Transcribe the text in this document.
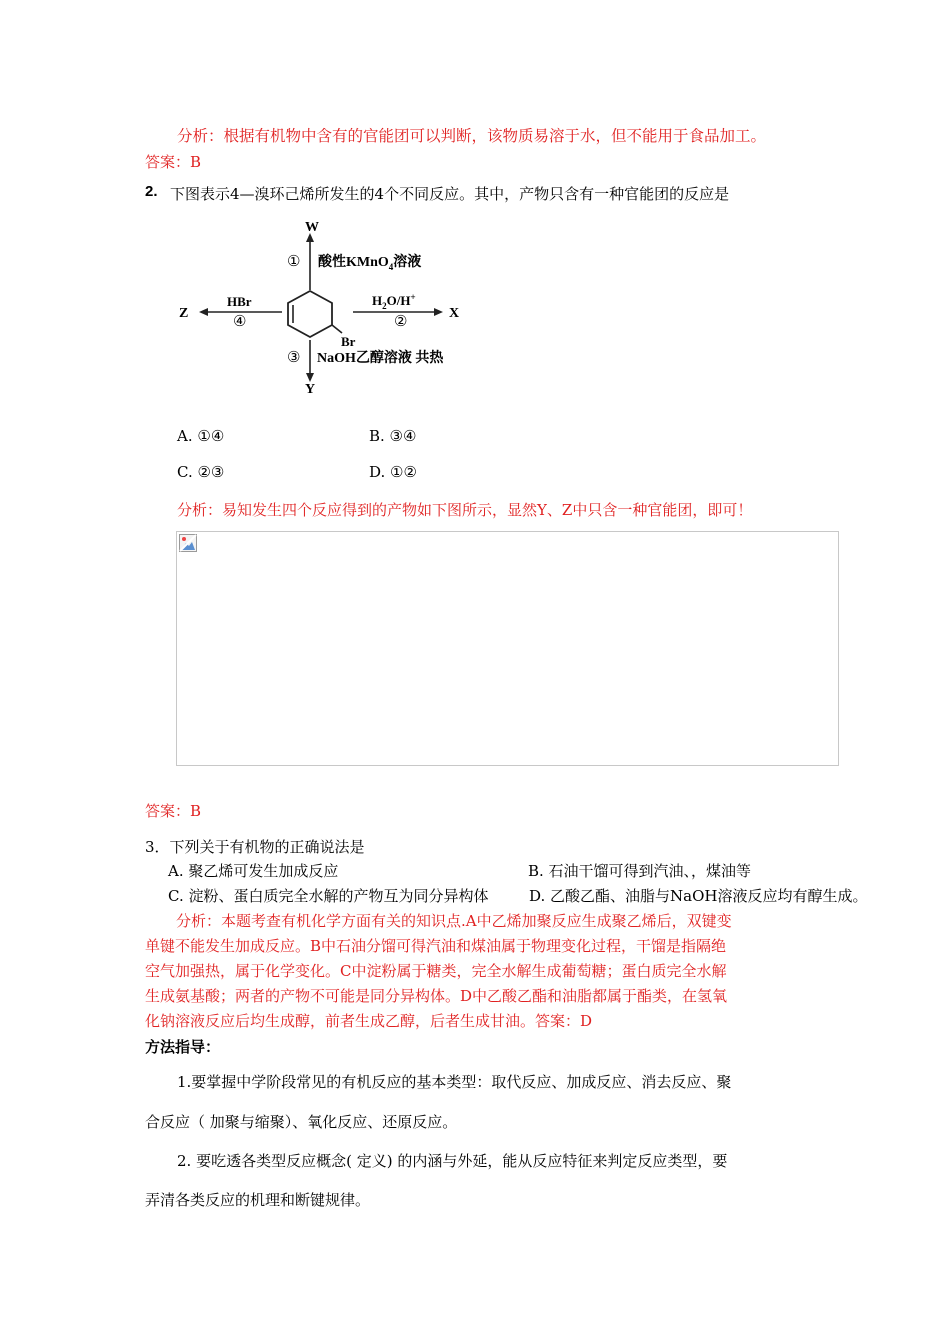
分析：根据有机物中含有的官能团可以判断，该物质易溶于水，但不能用于食品加工。
答案：B
2. 下图表示4—溴环己烯所发生的4个不同反应。其中，产物只含有一种官能团的反应是
W
① 酸性KMnO$_4$溶液
Br
Z
HBr
④
X
$H_2O/H^+$
②
Y
③ NaOH乙醇溶液 共热
A. ①④	B. ③④
C. ②③	D. ①②
分析：易知发生四个反应得到的产物如下图所示，显然Y、Z中只含一种官能团，即可！
答案：B
3．下列关于有机物的正确说法是
A. 聚乙烯可发生加成反应	B. 石油干馏可得到汽油、，煤油等
C. 淀粉、蛋白质完全水解的产物互为同分异构体	D. 乙酸乙酯、油脂与NaOH溶液反应均有醇生成。
分析：本题考查有机化学方面有关的知识点.A中乙烯加聚反应生成聚乙烯后，双键变
单键不能发生加成反应。B中石油分馏可得汽油和煤油属于物理变化过程，干馏是指隔绝
空气加强热，属于化学变化。C中淀粉属于糖类，完全水解生成葡萄糖；蛋白质完全水解
生成氨基酸；两者的产物不可能是同分异构体。D中乙酸乙酯和油脂都属于酯类，在氢氧
化钠溶液反应后均生成醇，前者生成乙醇，后者生成甘油。答案：D
方法指导：
1.要掌握中学阶段常见的有机反应的基本类型：取代反应、加成反应、消去反应、聚
合反应（ 加聚与缩聚）、氧化反应、还原反应。
2. 要吃透各类型反应概念( 定义) 的内涵与外延，能从反应特征来判定反应类型，要
弄清各类反应的机理和断键规律。
